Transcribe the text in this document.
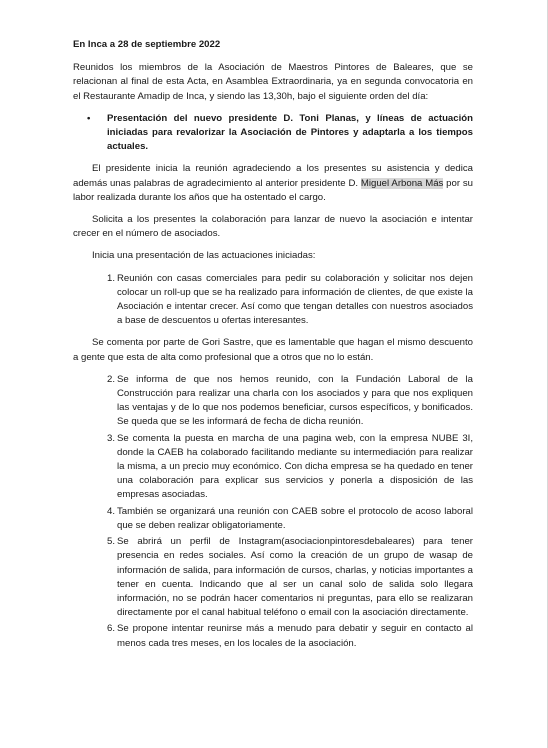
En Inca a 28 de septiembre 2022

Reunidos los miembros de la Asociación de Maestros Pintores de Baleares, que se relacionan al final de esta Acta, en Asamblea Extraordinaria, ya en segunda convocatoria en el Restaurante Amadip de Inca, y siendo las 13,30h, bajo el siguiente orden del día:

• Presentación del nuevo presidente D. Toni Planas, y líneas de actuación iniciadas para revalorizar la Asociación de Pintores y adaptarla a los tiempos actuales.

El presidente inicia la reunión agradeciendo a los presentes su asistencia y dedica además unas palabras de agradecimiento al anterior presidente D. Miguel Arbona Más por su labor realizada durante los años que ha ostentado el cargo.

Solicita a los presentes la colaboración para lanzar de nuevo la asociación e intentar crecer en el número de asociados.

Inicia una presentación de las actuaciones iniciadas:

1. Reunión con casas comerciales para pedir su colaboración y solicitar nos dejen colocar un roll-up que se ha realizado para información de clientes, de que existe la Asociación e intentar crecer. Así como que tengan detalles con nuestros asociados a base de descuentos u ofertas interesantes.

Se comenta por parte de Gori Sastre, que es lamentable que hagan el mismo descuento a gente que esta de alta como profesional que a otros que no lo están.

2. Se informa de que nos hemos reunido, con la Fundación Laboral de la Construcción para realizar una charla con los asociados y para que nos expliquen las ventajas y de lo que nos podemos beneficiar, cursos específicos, y bonificados. Se queda que se les informará de fecha de dicha reunión.
3. Se comenta la puesta en marcha de una pagina web, con la empresa NUBE 3I, donde la CAEB ha colaborado facilitando mediante su intermediación para realizar la misma, a un precio muy económico. Con dicha empresa se ha quedado en tener una colaboración para explicar sus servicios y ponerla a disposición de las empresas asociadas.
4. También se organizará una reunión con CAEB sobre el protocolo de acoso laboral que se deben realizar obligatoriamente.
5. Se abrirá un perfil de Instagram(asociacionpintoresdebaleares) para tener presencia en redes sociales. Así como la creación de un grupo de wasap de información de salida, para información de cursos, charlas, y noticias importantes a tener en cuenta. Indicando que al ser un canal solo de salida solo llegara información, no se podrán hacer comentarios ni preguntas, para ello se realizaran directamente por el canal habitual teléfono o email con la asociación directamente.
6. Se propone intentar reunirse más a menudo para debatir y seguir en contacto al menos cada tres meses, en los locales de la asociación.
